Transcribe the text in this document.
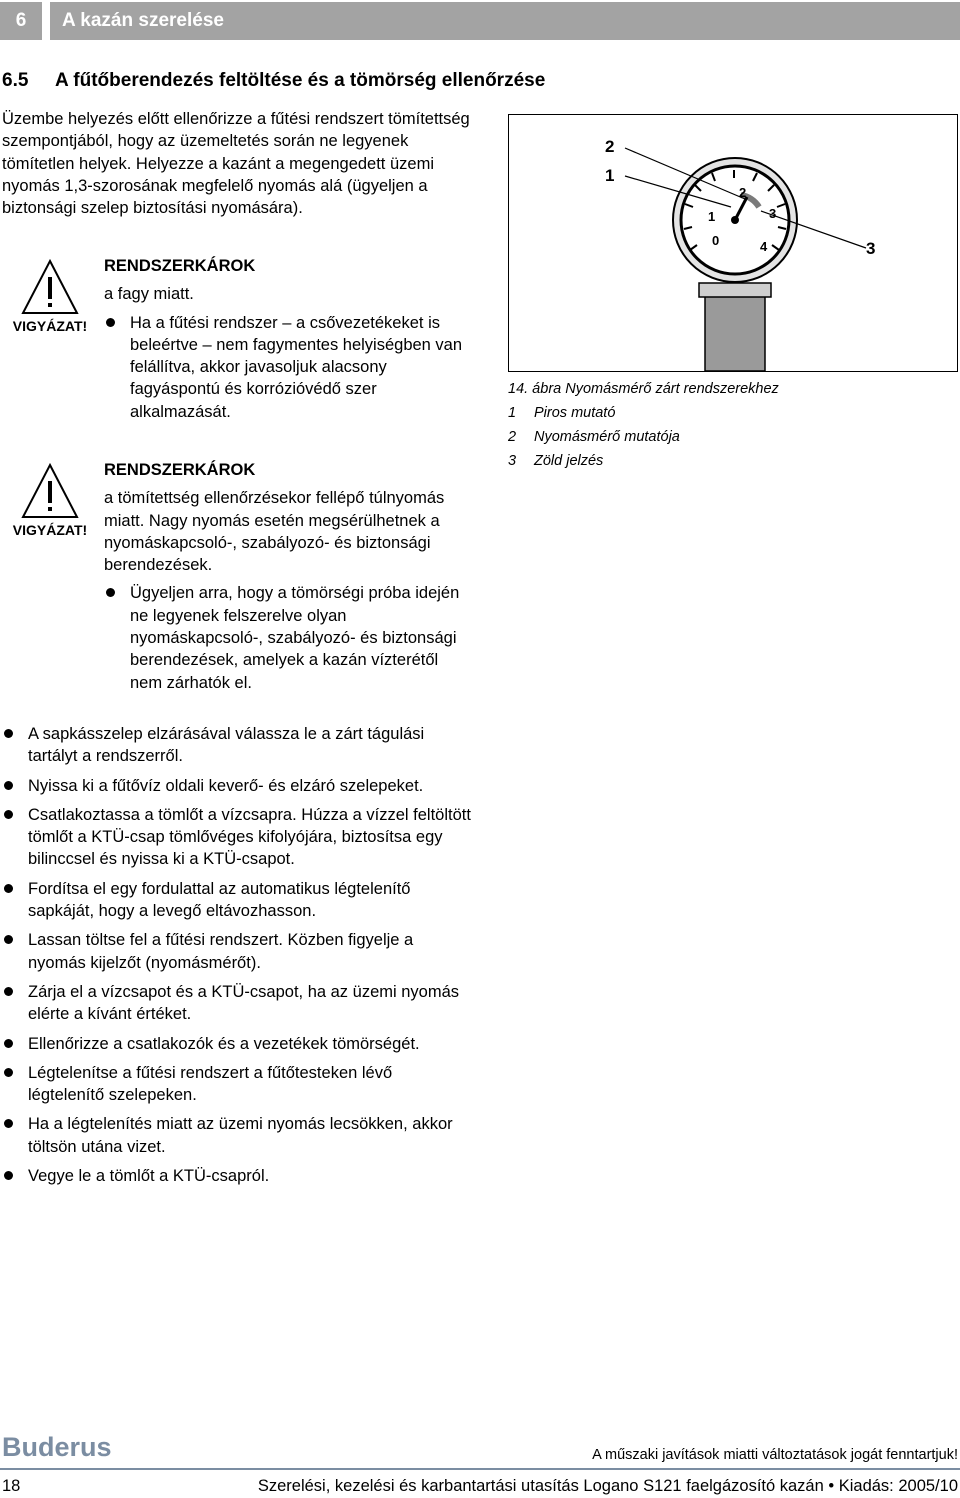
6	A kazán szerelése
6.5 A fűtőberendezés feltöltése és a tömörség ellenőrzése
Üzembe helyezés előtt ellenőrizze a fűtési rendszert tömítettség szempontjából, hogy az üzemeltetés során ne legyenek tömítetlen helyek. Helyezze a kazánt a megengedett üzemi nyomás 1,3-szorosának megfelelő nyomás alá (ügyeljen a biztonsági szelep biztosítási nyomására).
VIGYÁZAT!
RENDSZERKÁROK
a fagy miatt.
Ha a fűtési rendszer – a csővezetékeket is beleértve – nem fagymentes helyiségben van felállítva, akkor javasoljuk alacsony fagyáspontú és korrózióvédő szer alkalmazását.
VIGYÁZAT!
RENDSZERKÁROK
a tömítettség ellenőrzésekor fellépő túlnyomás miatt. Nagy nyomás esetén megsérülhetnek a nyomáskapcsoló-, szabályozó- és biztonsági berendezések.
Ügyeljen arra, hogy a tömörségi próba idején ne legyenek felszerelve olyan nyomáskapcsoló-, szabályozó- és biztonsági berendezések, amelyek a kazán vízterétől nem zárhatók el.
0
1
2
3
4
2
1
3
14. ábra Nyomásmérő zárt rendszerekhez
1 Piros mutató
2 Nyomásmérő mutatója
3 Zöld jelzés
A sapkásszelep elzárásával válassza le a zárt tágulási tartályt a rendszerről.
Nyissa ki a fűtővíz oldali keverő- és elzáró szelepeket.
Csatlakoztassa a tömlőt a vízcsapra. Húzza a vízzel feltöltött tömlőt a KTÜ-csap tömlővéges kifolyójára, biztosítsa egy bilinccsel és nyissa ki a KTÜ-csapot.
Fordítsa el egy fordulattal az automatikus légtelenítő sapkáját, hogy a levegő eltávozhasson.
Lassan töltse fel a fűtési rendszert. Közben figyelje a nyomás kijelzőt (nyomásmérőt).
Zárja el a vízcsapot és a KTÜ-csapot, ha az üzemi nyomás elérte a kívánt értéket.
Ellenőrizze a csatlakozók és a vezetékek tömörségét.
Légtelenítse a fűtési rendszert a fűtőtesteken lévő légtelenítő szelepeken.
Ha a légtelenítés miatt az üzemi nyomás lecsökken, akkor töltsön utána vizet.
Vegye le a tömlőt a KTÜ-csapról.
Buderus	A műszaki javítások miatti változtatások jogát fenntartjuk!
18	Szerelési, kezelési és karbantartási utasítás Logano S121 faelgázosító kazán • Kiadás: 2005/10
